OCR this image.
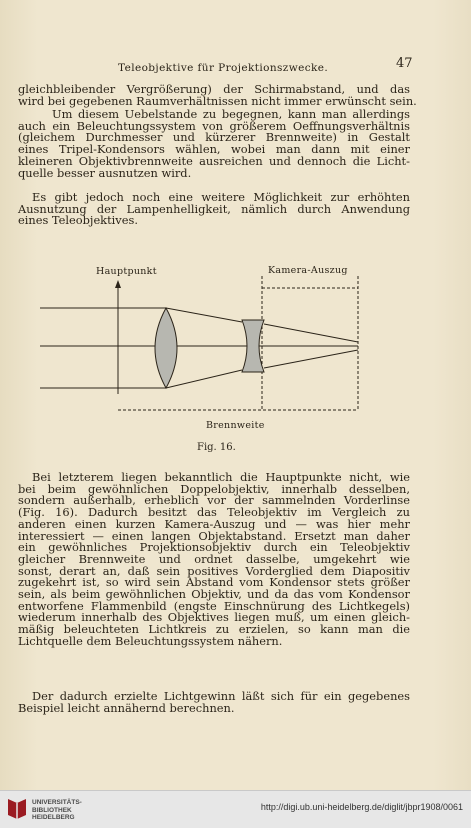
Teleobjektive für Projektionszwecke.	47
gleichbleibender Vergrößerung) der Schirmabstand, und das
wird bei gegebenen Raumverhältnissen nicht immer erwünscht sein.
Um diesem Uebelstande zu begegnen, kann man allerdings
auch ein Beleuchtungssystem von größerem Oeffnungsverhältnis
(gleichem Durchmesser und kürzerer Brennweite) in Gestalt
eines Tripel-Kondensors wählen, wobei man dann mit einer
kleineren Objektivbrennweite ausreichen und dennoch die Licht-
quelle besser ausnutzen wird.
Es gibt jedoch noch eine weitere Möglichkeit zur erhöhten
Ausnutzung der Lampenhelligkeit, nämlich durch Anwendung
eines Teleobjektives.
Hauptpunkt	Kamera-Auszug
Brennweite
Fig. 16.
Bei letzterem liegen bekanntlich die Hauptpunkte nicht, wie
bei beim gewöhnlichen Doppelobjektiv, innerhalb desselben,
sondern außerhalb, erheblich vor der sammelnden Vorderlinse
(Fig. 16). Dadurch besitzt das Teleobjektiv im Vergleich zu
anderen einen kurzen Kamera-Auszug und — was hier mehr
interessiert — einen langen Objektabstand. Ersetzt man daher
ein gewöhnliches Projektionsobjektiv durch ein Teleobjektiv
gleicher Brennweite und ordnet dasselbe, umgekehrt wie
sonst, derart an, daß sein positives Vorderglied dem Diapositiv
zugekehrt ist, so wird sein Abstand vom Kondensor stets größer
sein, als beim gewöhnlichen Objektiv, und da das vom Kondensor
entworfene Flammenbild (engste Einschnürung des Lichtkegels)
wiederum innerhalb des Objektives liegen muß, um einen gleich-
mäßig beleuchteten Lichtkreis zu erzielen, so kann man die
Lichtquelle dem Beleuchtungssystem nähern.
Der dadurch erzielte Lichtgewinn läßt sich für ein gegebenes
Beispiel leicht annähernd berechnen.
UNIVERSITÄTS-
BIBLIOTHEK
HEIDELBERG
http://digi.ub.uni-heidelberg.de/diglit/jbpr1908/0061
